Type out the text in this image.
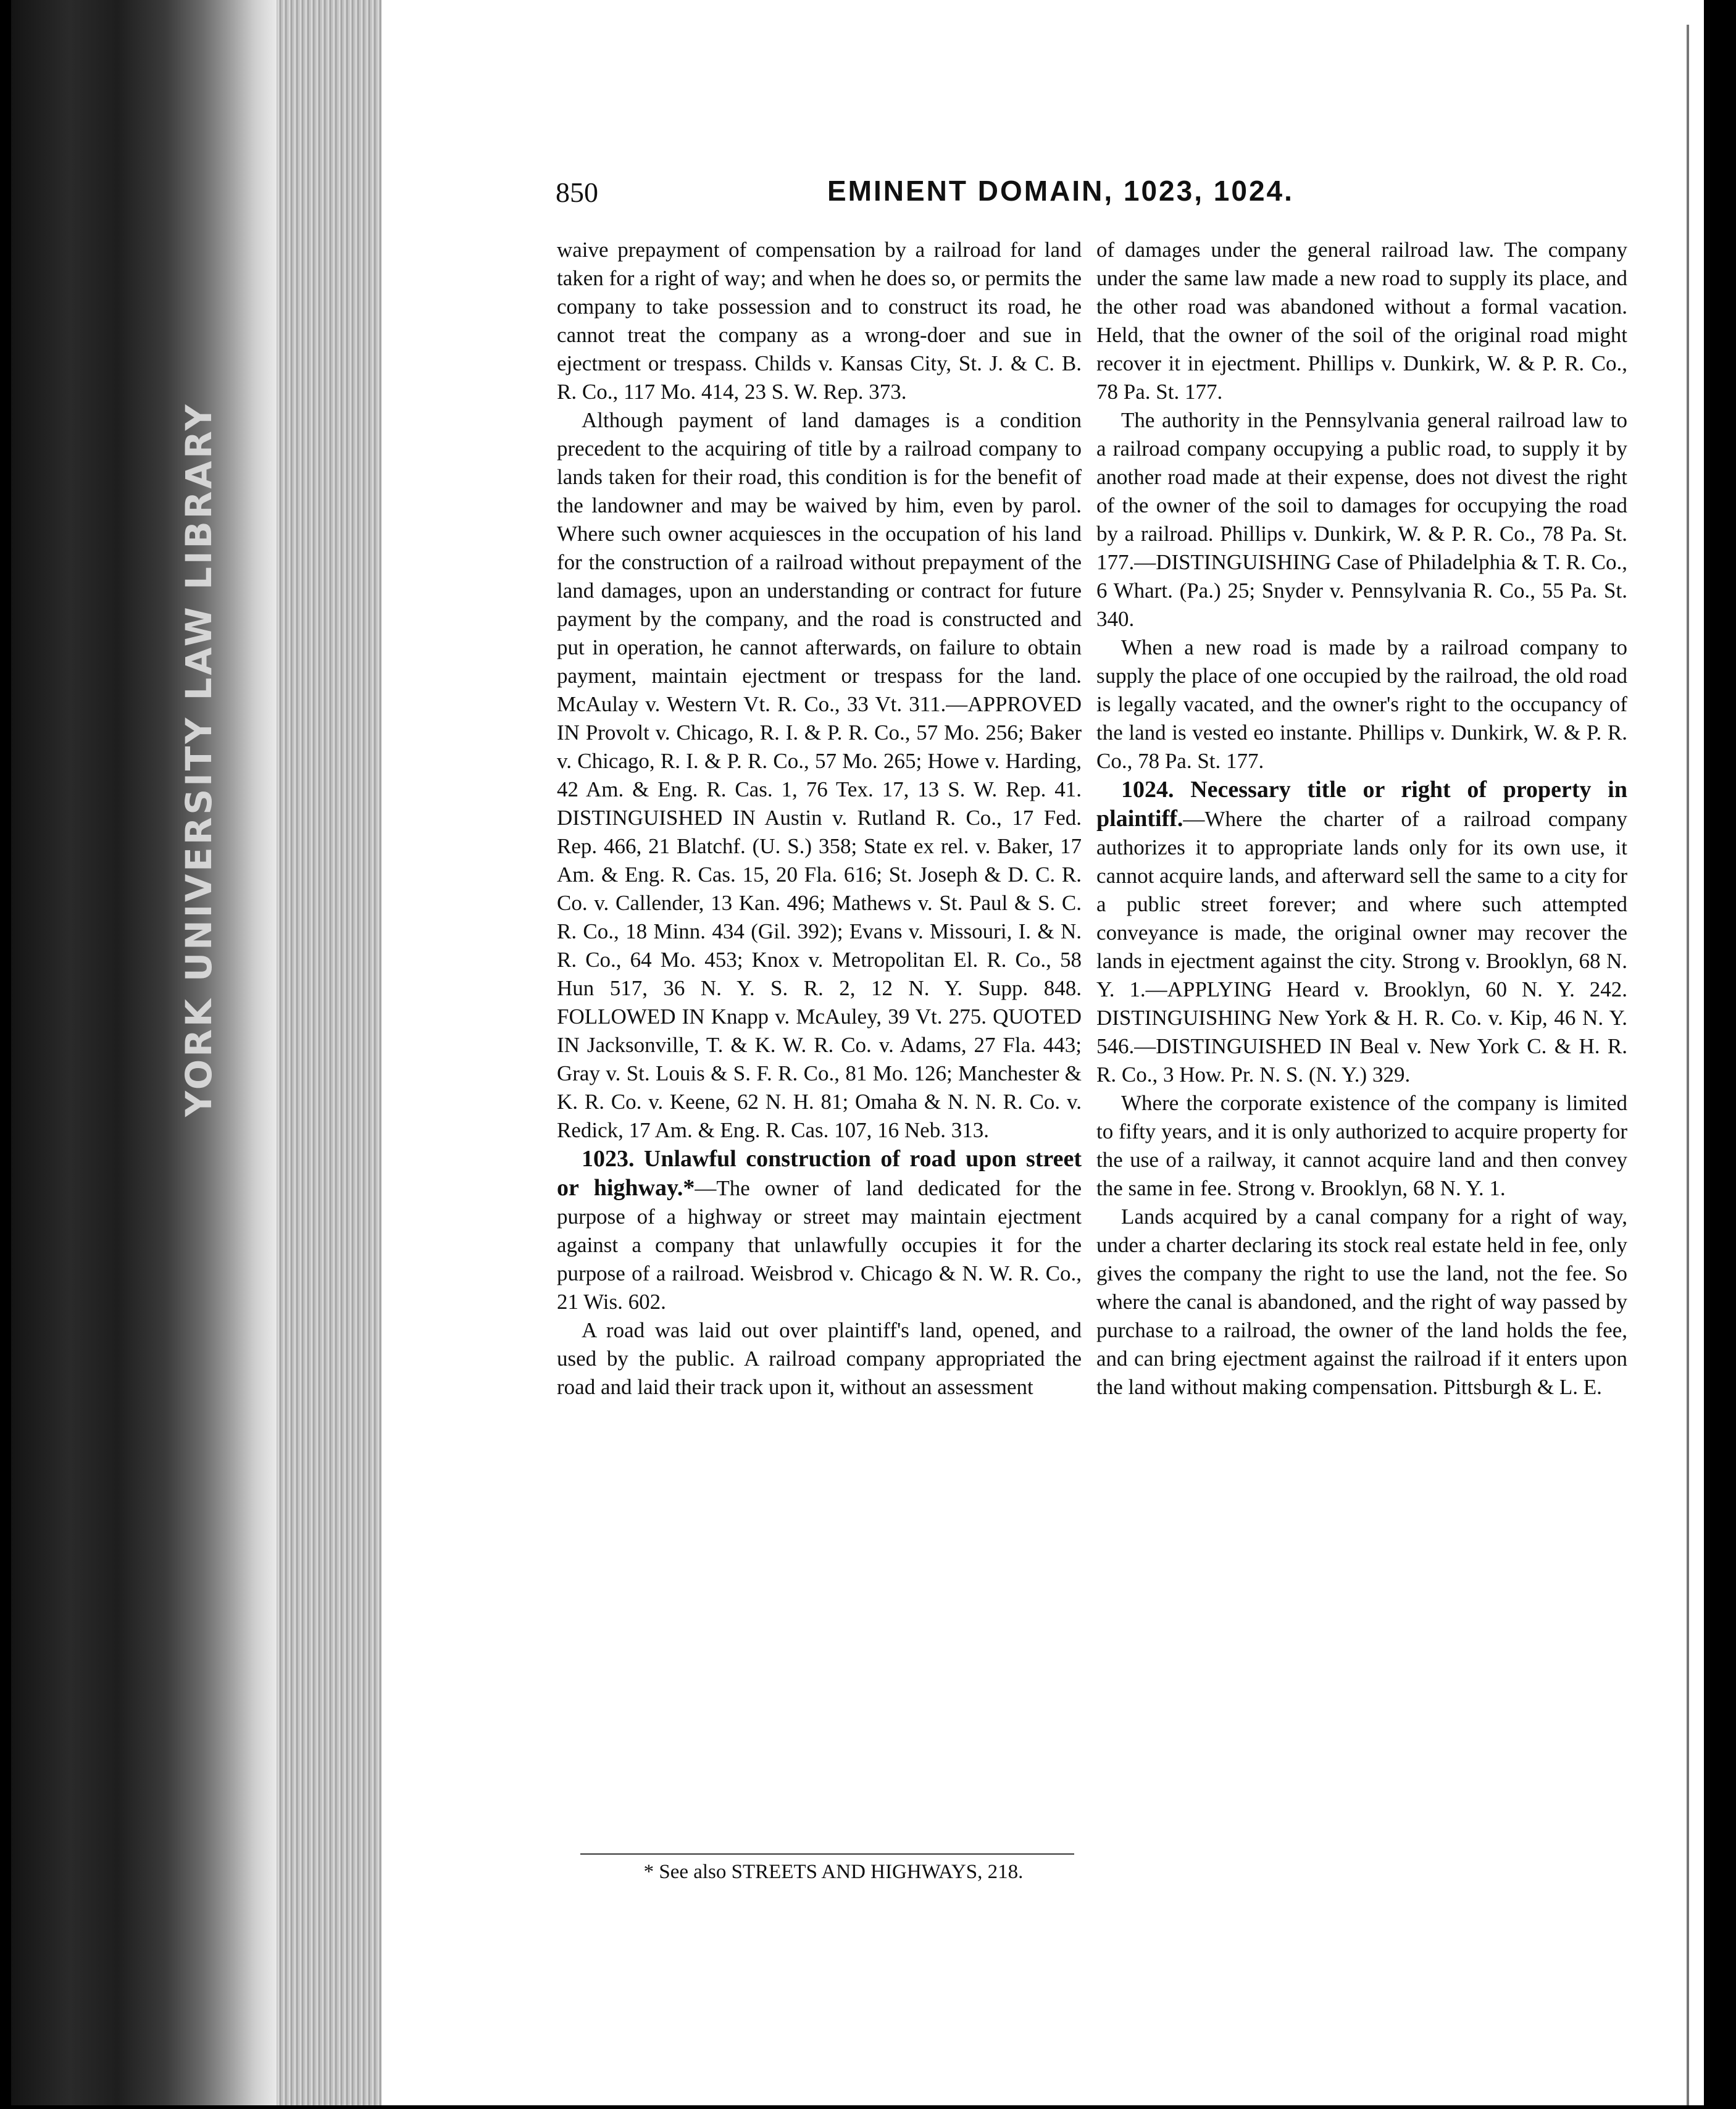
YORK UNIVERSITY LAW LIBRARY
850	EMINENT DOMAIN, 1023, 1024.

waive prepayment of compensation by a railroad for land taken for a right of way; and when he does so, or permits the company to take possession and to construct its road, he cannot treat the company as a wrong-doer and sue in ejectment or trespass. Childs v. Kansas City, St. J. & C. B. R. Co., 117 Mo. 414, 23 S. W. Rep. 373.

Although payment of land damages is a condition precedent to the acquiring of title by a railroad company to lands taken for their road, this condition is for the benefit of the landowner and may be waived by him, even by parol. Where such owner acquiesces in the occupation of his land for the construction of a railroad without prepayment of the land damages, upon an understanding or contract for future payment by the company, and the road is constructed and put in operation, he cannot afterwards, on failure to obtain payment, maintain ejectment or trespass for the land. McAulay v. Western Vt. R. Co., 33 Vt. 311.—APPROVED IN Provolt v. Chicago, R. I. & P. R. Co., 57 Mo. 256; Baker v. Chicago, R. I. & P. R. Co., 57 Mo. 265; Howe v. Harding, 42 Am. & Eng. R. Cas. 1, 76 Tex. 17, 13 S. W. Rep. 41. DISTINGUISHED IN Austin v. Rutland R. Co., 17 Fed. Rep. 466, 21 Blatchf. (U. S.) 358; State ex rel. v. Baker, 17 Am. & Eng. R. Cas. 15, 20 Fla. 616; St. Joseph & D. C. R. Co. v. Callender, 13 Kan. 496; Mathews v. St. Paul & S. C. R. Co., 18 Minn. 434 (Gil. 392); Evans v. Missouri, I. & N. R. Co., 64 Mo. 453; Knox v. Metropolitan El. R. Co., 58 Hun 517, 36 N. Y. S. R. 2, 12 N. Y. Supp. 848. FOLLOWED IN Knapp v. McAuley, 39 Vt. 275. QUOTED IN Jacksonville, T. & K. W. R. Co. v. Adams, 27 Fla. 443; Gray v. St. Louis & S. F. R. Co., 81 Mo. 126; Manchester & K. R. Co. v. Keene, 62 N. H. 81; Omaha & N. N. R. Co. v. Redick, 17 Am. & Eng. R. Cas. 107, 16 Neb. 313.

1023. Unlawful construction of road upon street or highway.*—The owner of land dedicated for the purpose of a highway or street may maintain ejectment against a company that unlawfully occupies it for the purpose of a railroad. Weisbrod v. Chicago & N. W. R. Co., 21 Wis. 602.

A road was laid out over plaintiff's land, opened, and used by the public. A railroad company appropriated the road and laid their track upon it, without an assessment

of damages under the general railroad law. The company under the same law made a new road to supply its place, and the other road was abandoned without a formal vacation. Held, that the owner of the soil of the original road might recover it in ejectment. Phillips v. Dunkirk, W. & P. R. Co., 78 Pa. St. 177.

The authority in the Pennsylvania general railroad law to a railroad company occupying a public road, to supply it by another road made at their expense, does not divest the right of the owner of the soil to damages for occupying the road by a railroad. Phillips v. Dunkirk, W. & P. R. Co., 78 Pa. St. 177.—DISTINGUISHING Case of Philadelphia & T. R. Co., 6 Whart. (Pa.) 25; Snyder v. Pennsylvania R. Co., 55 Pa. St. 340.

When a new road is made by a railroad company to supply the place of one occupied by the railroad, the old road is legally vacated, and the owner's right to the occupancy of the land is vested eo instante. Phillips v. Dunkirk, W. & P. R. Co., 78 Pa. St. 177.

1024. Necessary title or right of property in plaintiff.—Where the charter of a railroad company authorizes it to appropriate lands only for its own use, it cannot acquire lands, and afterward sell the same to a city for a public street forever; and where such attempted conveyance is made, the original owner may recover the lands in ejectment against the city. Strong v. Brooklyn, 68 N. Y. 1.—APPLYING Heard v. Brooklyn, 60 N. Y. 242. DISTINGUISHING New York & H. R. Co. v. Kip, 46 N. Y. 546.—DISTINGUISHED IN Beal v. New York C. & H. R. R. Co., 3 How. Pr. N. S. (N. Y.) 329.

Where the corporate existence of the company is limited to fifty years, and it is only authorized to acquire property for the use of a railway, it cannot acquire land and then convey the same in fee. Strong v. Brooklyn, 68 N. Y. 1.

Lands acquired by a canal company for a right of way, under a charter declaring its stock real estate held in fee, only gives the company the right to use the land, not the fee. So where the canal is abandoned, and the right of way passed by purchase to a railroad, the owner of the land holds the fee, and can bring ejectment against the railroad if it enters upon the land without making compensation. Pittsburgh & L. E.

* See also STREETS AND HIGHWAYS, 218.
